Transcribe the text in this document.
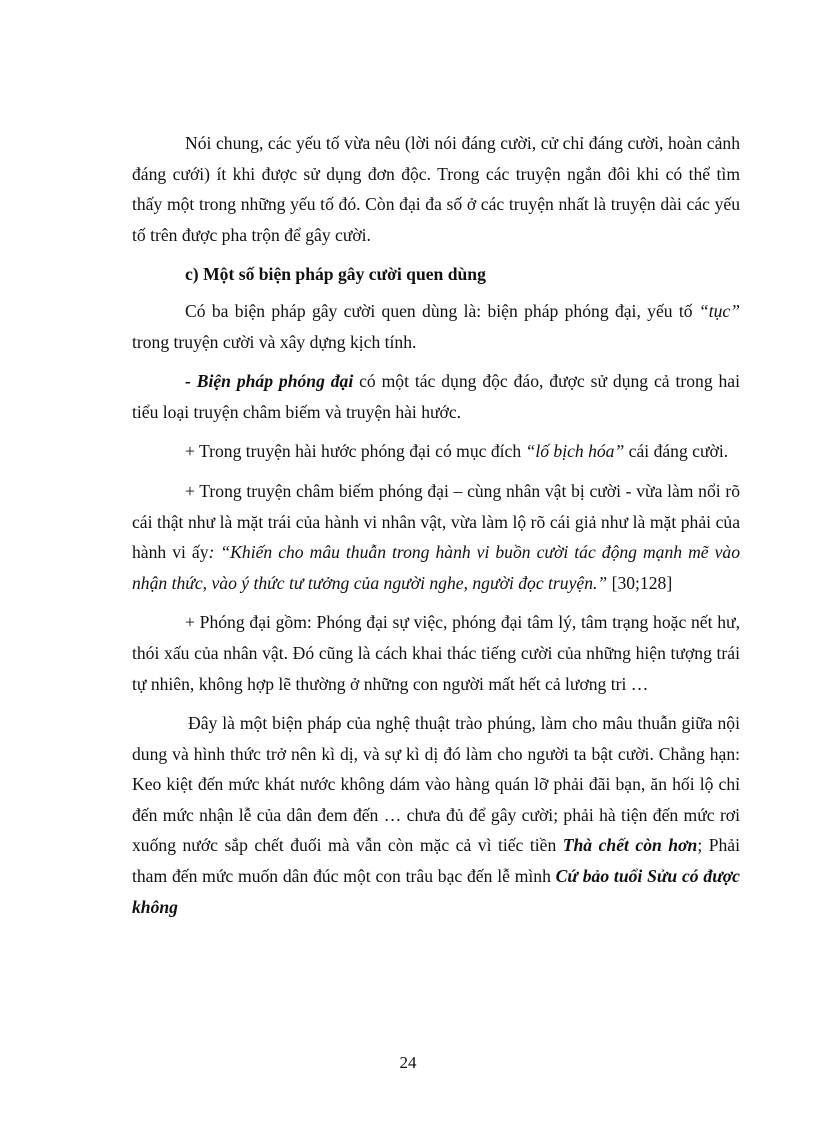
Nói chung, các yếu tố vừa nêu (lời nói đáng cười, cử chỉ đáng cười, hoàn cảnh đáng cưới) ít khi được sử dụng đơn độc. Trong các truyện ngắn đôi khi có thể tìm thấy một trong những yếu tố đó. Còn đại đa số ở các truyện nhất là truyện dài các yếu tố trên được pha trộn để gây cười.

c) Một số biện pháp gây cười quen dùng

Có ba biện pháp gây cười quen dùng là: biện pháp phóng đại, yếu tố “tục” trong truyện cười và xây dựng kịch tính.

- Biện pháp phóng đại có một tác dụng độc đáo, được sử dụng cả trong hai tiểu loại truyện châm biếm và truyện hài hước.

+ Trong truyện hài hước phóng đại có mục đích “lố bịch hóa” cái đáng cười.

+ Trong truyện châm biếm phóng đại – cùng nhân vật bị cười - vừa làm nổi rõ cái thật như là mặt trái của hành vi nhân vật, vừa làm lộ rõ cái giả như là mặt phải của hành vi ấy: “Khiến cho mâu thuẫn trong hành vi buồn cười tác động mạnh mẽ vào nhận thức, vào ý thức tư tưởng của người nghe, người đọc truyện.” [30;128]

+ Phóng đại gồm: Phóng đại sự việc, phóng đại tâm lý, tâm trạng hoặc nết hư, thói xấu của nhân vật. Đó cũng là cách khai thác tiếng cười của những hiện tượng trái tự nhiên, không hợp lẽ thường ở những con người mất hết cả lương tri …

Đây là một biện pháp của nghệ thuật trào phúng, làm cho mâu thuẫn giữa nội dung và hình thức trở nên kì dị, và sự kì dị đó làm cho người ta bật cười. Chẳng hạn: Keo kiệt đến mức khát nước không dám vào hàng quán lỡ phải đãi bạn, ăn hối lộ chỉ đến mức nhận lễ của dân đem đến … chưa đủ để gây cười; phải hà tiện đến mức rơi xuống nước sắp chết đuối mà vẫn còn mặc cả vì tiếc tiền Thà chết còn hơn; Phải tham đến mức muốn dân đúc một con trâu bạc đến lễ mình Cứ bảo tuổi Sửu có được không

24
